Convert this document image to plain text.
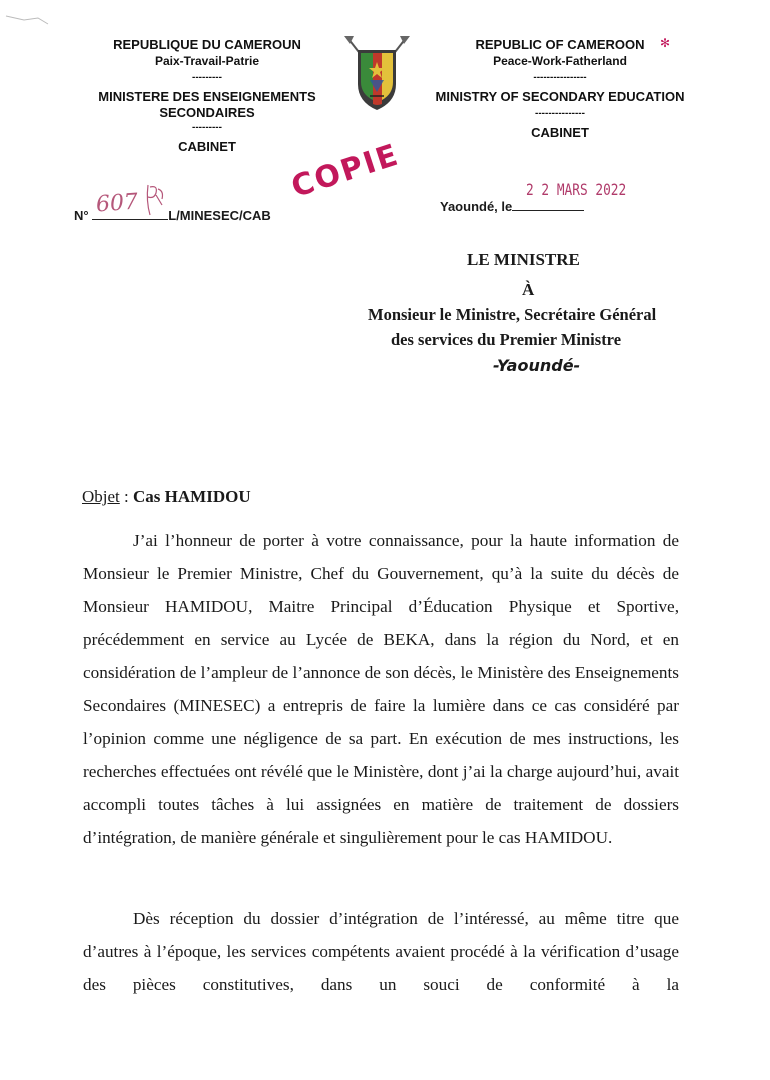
REPUBLIQUE DU CAMEROUN
Paix-Travail-Patrie
---------
MINISTERE DES ENSEIGNEMENTS
SECONDAIRES
---------
CABINET
REPUBLIC OF CAMEROON
Peace-Work-Fatherland
----------------
MINISTRY OF SECONDARY EDUCATION
---------------
CABINET
✻
N° 607 L/MINESEC/CAB
COPIE
Yaoundé, le
2 2 MARS 2022
LE MINISTRE
À
Monsieur le Ministre, Secrétaire Général
des services du Premier Ministre
-Yaoundé-
Objet : Cas HAMIDOU
J’ai l’honneur de porter à votre connaissance, pour la haute information de Monsieur le Premier Ministre, Chef du Gouvernement, qu’à la suite du décès de Monsieur HAMIDOU, Maitre Principal d’Éducation Physique et Sportive, précédemment en service au Lycée de BEKA, dans la région du Nord, et en considération de l’ampleur de l’annonce de son décès, le Ministère des Enseignements Secondaires (MINESEC) a entrepris de faire la lumière dans ce cas considéré par l’opinion comme une négligence de sa part. En exécution de mes instructions, les recherches effectuées ont révélé que le Ministère, dont j’ai la charge aujourd’hui, avait accompli toutes tâches à lui assignées en matière de traitement de dossiers d’intégration, de manière générale et singulièrement pour le cas HAMIDOU.
Dès réception du dossier d’intégration de l’intéressé, au même titre que d’autres à l’époque, les services compétents avaient procédé à la vérification d’usage des pièces constitutives, dans un souci de conformité à la
